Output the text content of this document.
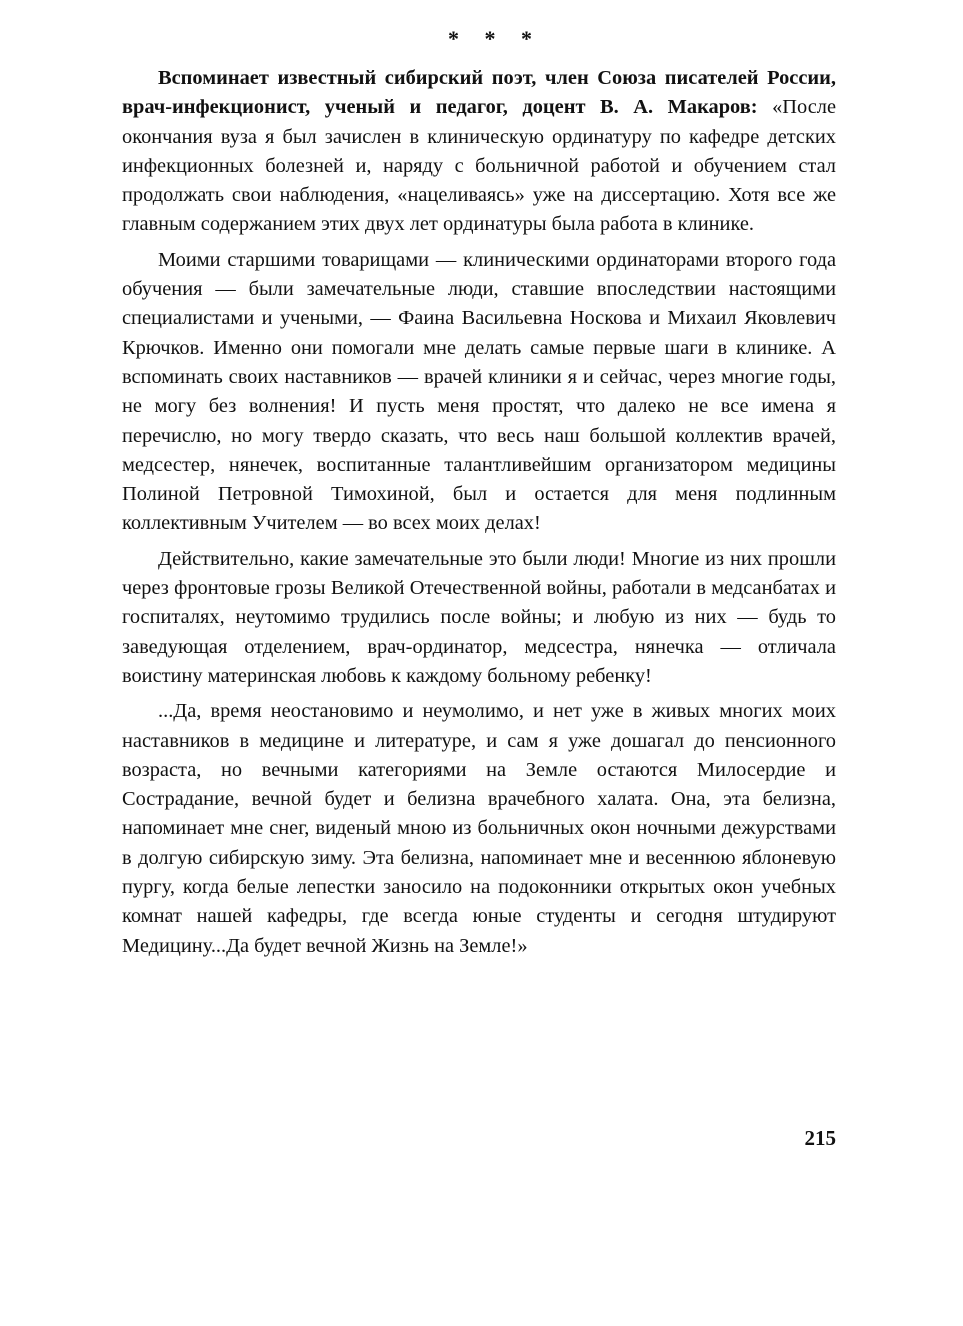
* * *

Вспоминает известный сибирский поэт, член Союза писателей России, врач-инфекционист, ученый и педагог, доцент В. А. Макаров: «После окончания вуза я был зачислен в клиническую ординатуру по кафедре детских инфекционных болезней и, наряду с больничной работой и обучением стал продолжать свои наблюдения, «нацеливаясь» уже на диссертацию. Хотя все же главным содержанием этих двух лет ординатуры была работа в клинике.

Моими старшими товарищами — клиническими ординаторами второго года обучения — были замечательные люди, ставшие впоследствии настоящими специалистами и учеными, — Фаина Васильевна Носкова и Михаил Яковлевич Крючков. Именно они помогали мне делать самые первые шаги в клинике. А вспоминать своих наставников — врачей клиники я и сейчас, через многие годы, не могу без волнения! И пусть меня простят, что далеко не все имена я перечислю, но могу твердо сказать, что весь наш большой коллектив врачей, медсестер, нянечек, воспитанные талантливейшим организатором медицины Полиной Петровной Тимохиной, был и остается для меня подлинным коллективным Учителем — во всех моих делах!

Действительно, какие замечательные это были люди! Многие из них прошли через фронтовые грозы Великой Отечественной войны, работали в медсанбатах и госпиталях, неутомимо трудились после войны; и любую из них — будь то заведующая отделением, врач-ординатор, медсестра, нянечка — отличала воистину материнская любовь к каждому больному ребенку!

...Да, время неостановимо и неумолимо, и нет уже в живых многих моих наставников в медицине и литературе, и сам я уже дошагал до пенсионного возраста, но вечными категориями на Земле остаются Милосердие и Сострадание, вечной будет и белизна врачебного халата. Она, эта белизна, напоминает мне снег, виденый мною из больничных окон ночными дежурствами в долгую сибирскую зиму. Эта белизна, напоминает мне и весеннюю яблоневую пургу, когда белые лепестки заносило на подоконники открытых окон учебных комнат нашей кафедры, где всегда юные студенты и сегодня штудируют Медицину...Да будет вечной Жизнь на Земле!»

215
